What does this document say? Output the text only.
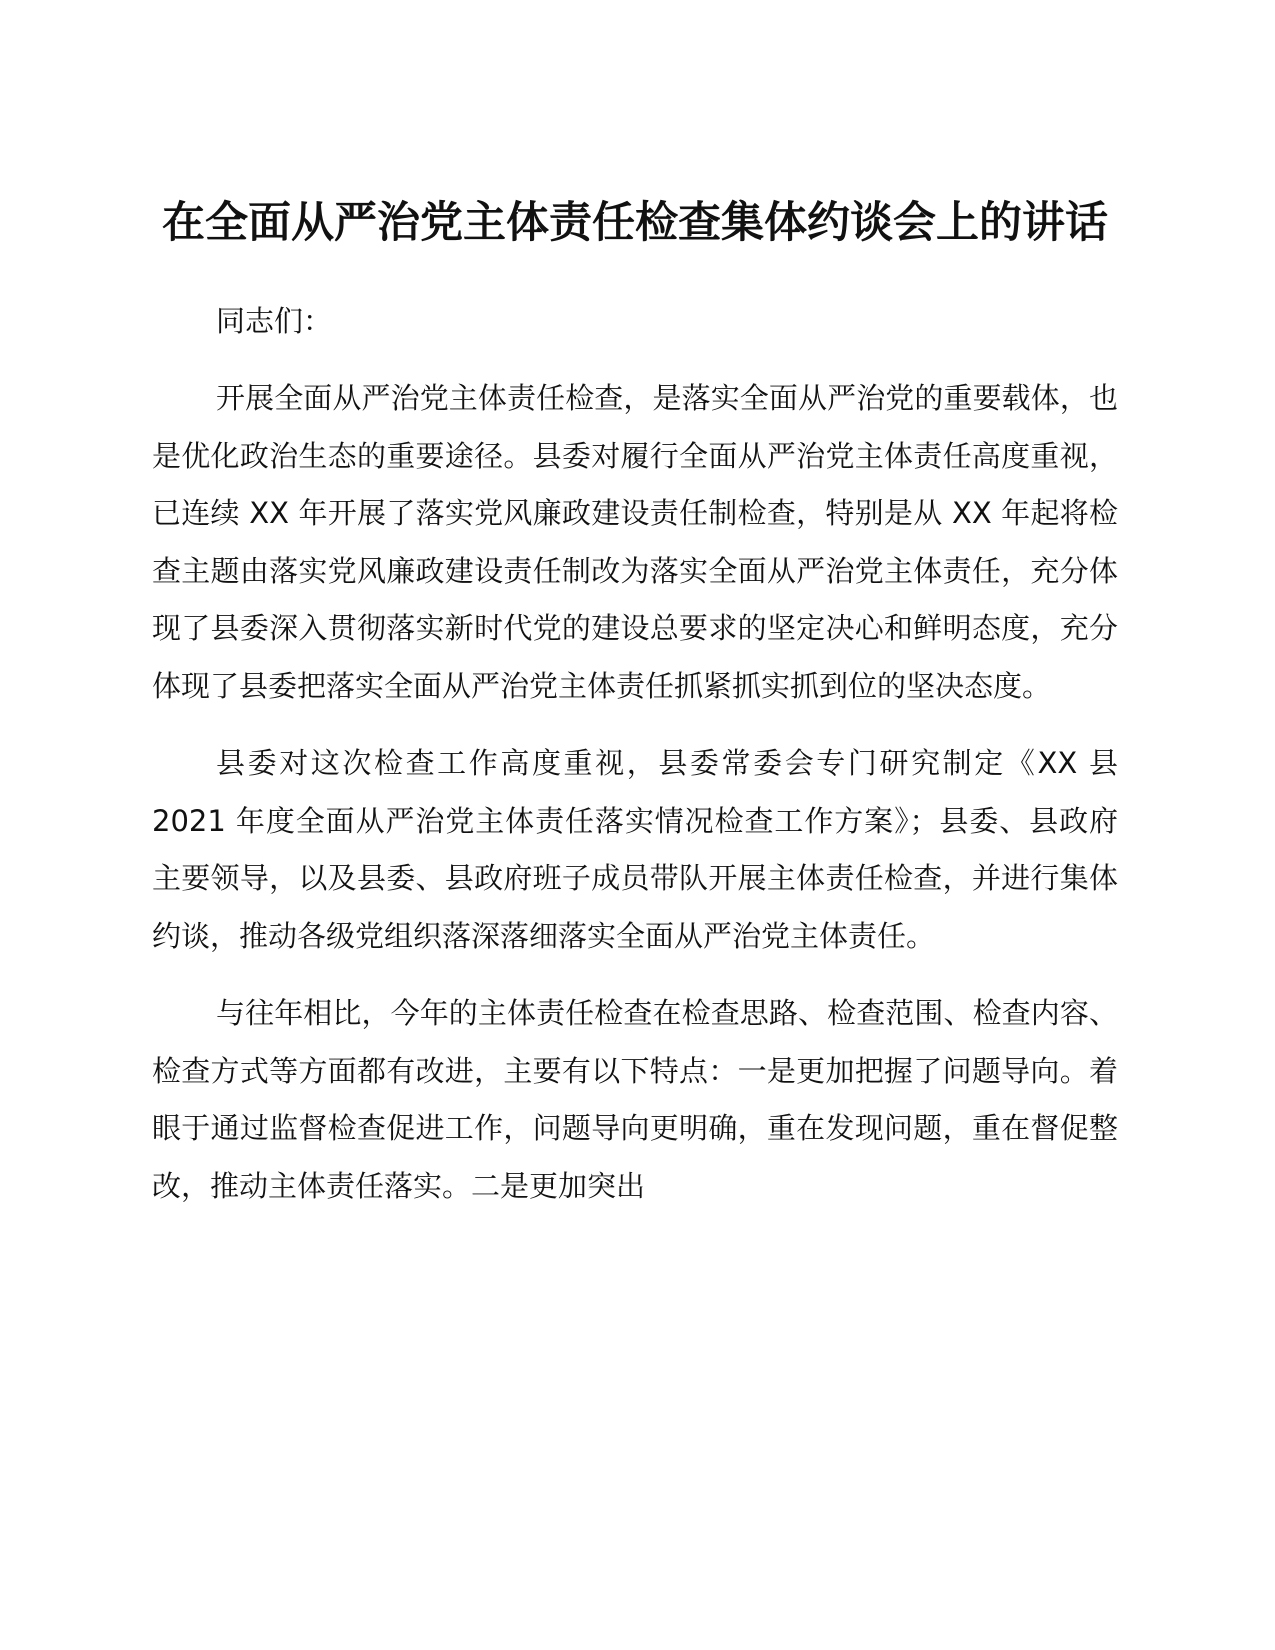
在全面从严治党主体责任检查集体约谈会上的讲话

同志们：

开展全面从严治党主体责任检查，是落实全面从严治党的重要载体，也是优化政治生态的重要途径。县委对履行全面从严治党主体责任高度重视，已连续 XX 年开展了落实党风廉政建设责任制检查，特别是从 XX 年起将检查主题由落实党风廉政建设责任制改为落实全面从严治党主体责任，充分体现了县委深入贯彻落实新时代党的建设总要求的坚定决心和鲜明态度，充分体现了县委把落实全面从严治党主体责任抓紧抓实抓到位的坚决态度。

县委对这次检查工作高度重视，县委常委会专门研究制定《XX 县 2021 年度全面从严治党主体责任落实情况检查工作方案》；县委、县政府主要领导，以及县委、县政府班子成员带队开展主体责任检查，并进行集体约谈，推动各级党组织落深落细落实全面从严治党主体责任。

与往年相比，今年的主体责任检查在检查思路、检查范围、检查内容、检查方式等方面都有改进，主要有以下特点：一是更加把握了问题导向。着眼于通过监督检查促进工作，问题导向更明确，重在发现问题，重在督促整改，推动主体责任落实。二是更加突出
